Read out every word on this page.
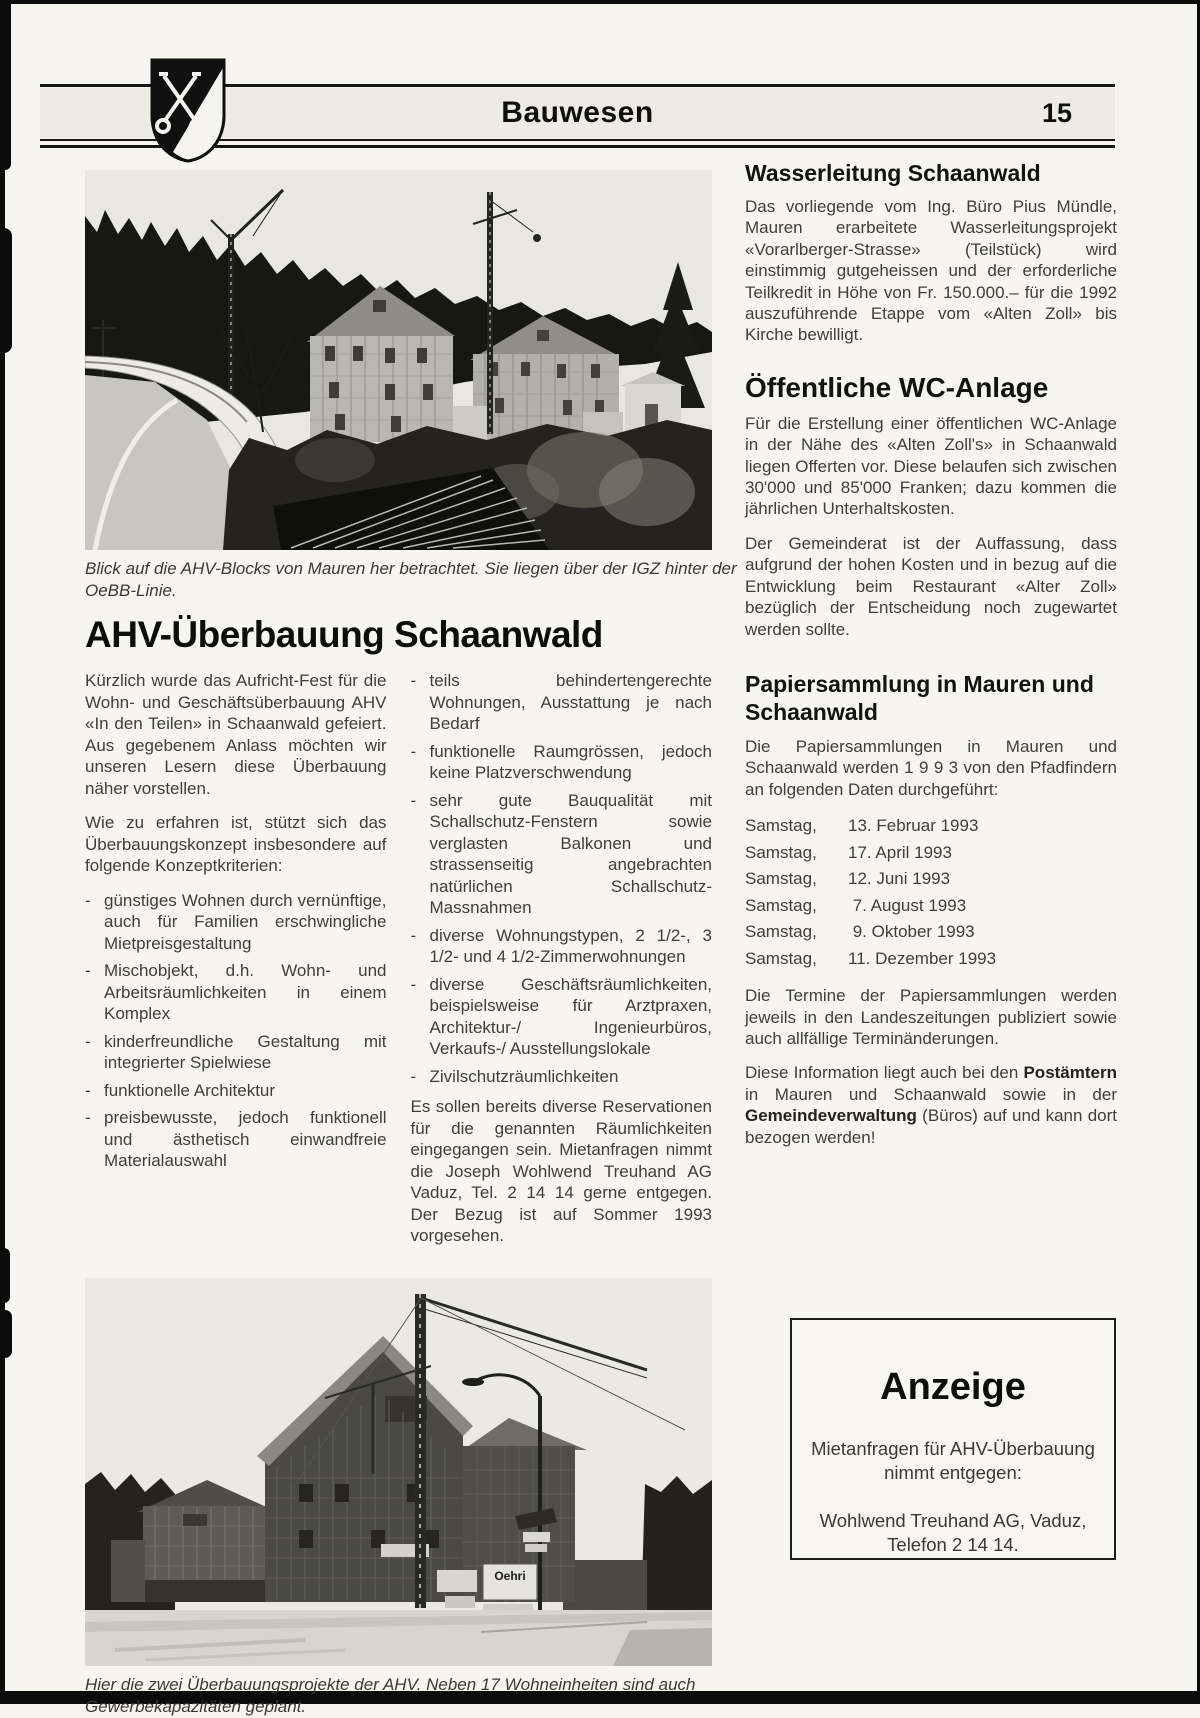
Bauwesen	15

Blick auf die AHV-Blocks von Mauren her betrachtet. Sie liegen über der IGZ hinter der OeBB-Linie.

AHV-Überbauung Schaanwald

Kürzlich wurde das Aufricht-Fest für die Wohn- und Geschäftsüberbauung AHV «In den Teilen» in Schaanwald gefeiert. Aus gegebenem Anlass möchten wir unseren Lesern diese Überbauung näher vorstellen.

Wie zu erfahren ist, stützt sich das Überbauungskonzept insbesondere auf folgende Konzeptkriterien:

- günstiges Wohnen durch vernünftige, auch für Familien erschwingliche Mietpreisgestaltung
- Mischobjekt, d.h. Wohn- und Arbeitsräumlichkeiten in einem Komplex
- kinderfreundliche Gestaltung mit integrierter Spielwiese
- funktionelle Architektur
- preisbewusste, jedoch funktionell und ästhetisch einwandfreie Materialauswahl
- teils behindertengerechte Wohnungen, Ausstattung je nach Bedarf
- funktionelle Raumgrössen, jedoch keine Platzverschwendung
- sehr gute Bauqualität mit Schallschutz-Fenstern sowie verglasten Balkonen und strassenseitig angebrachten natürlichen Schallschutz-Massnahmen
- diverse Wohnungstypen, 2 1/2-, 3 1/2- und 4 1/2-Zimmerwohnungen
- diverse Geschäftsräumlichkeiten, beispielsweise für Arztpraxen, Architektur-/ Ingenieurbüros, Verkaufs-/ Ausstellungslokale
- Zivilschutzräumlichkeiten

Es sollen bereits diverse Reservationen für die genannten Räumlichkeiten eingegangen sein. Mietanfragen nimmt die Joseph Wohlwend Treuhand AG Vaduz, Tel. 2 14 14 gerne entgegen. Der Bezug ist auf Sommer 1993 vorgesehen.

Oehri

Hier die zwei Überbauungsprojekte der AHV. Neben 17 Wohneinheiten sind auch Gewerbekapazitäten geplant.

Wasserleitung Schaanwald

Das vorliegende vom Ing. Büro Pius Mündle, Mauren erarbeitete Wasserleitungsprojekt «Vorarlberger-Strasse» (Teilstück) wird einstimmig gutgeheissen und der erforderliche Teilkredit in Höhe von Fr. 150.000.– für die 1992 auszuführende Etappe vom «Alten Zoll» bis Kirche bewilligt.

Öffentliche WC-Anlage

Für die Erstellung einer öffentlichen WC-Anlage in der Nähe des «Alten Zoll's» in Schaanwald liegen Offerten vor. Diese belaufen sich zwischen 30'000 und 85'000 Franken; dazu kommen die jährlichen Unterhaltskosten.

Der Gemeinderat ist der Auffassung, dass aufgrund der hohen Kosten und in bezug auf die Entwicklung beim Restaurant «Alter Zoll» bezüglich der Entscheidung noch zugewartet werden sollte.

Papiersammlung in Mauren und Schaanwald

Die Papiersammlungen in Mauren und Schaanwald werden 1 9 9 3 von den Pfadfindern an folgenden Daten durchgeführt:

Samstag,	13. Februar 1993
Samstag,	17. April 1993
Samstag,	12. Juni 1993
Samstag,	7. August 1993
Samstag,	9. Oktober 1993
Samstag,	11. Dezember 1993

Die Termine der Papiersammlungen werden jeweils in den Landeszeitungen publiziert sowie auch allfällige Terminänderungen.

Diese Information liegt auch bei den Postämtern in Mauren und Schaanwald sowie in der Gemeindeverwaltung (Büros) auf und kann dort bezogen werden!

Anzeige
Mietanfragen für AHV-Überbauung nimmt entgegen:
Wohlwend Treuhand AG, Vaduz,
Telefon 2 14 14.
